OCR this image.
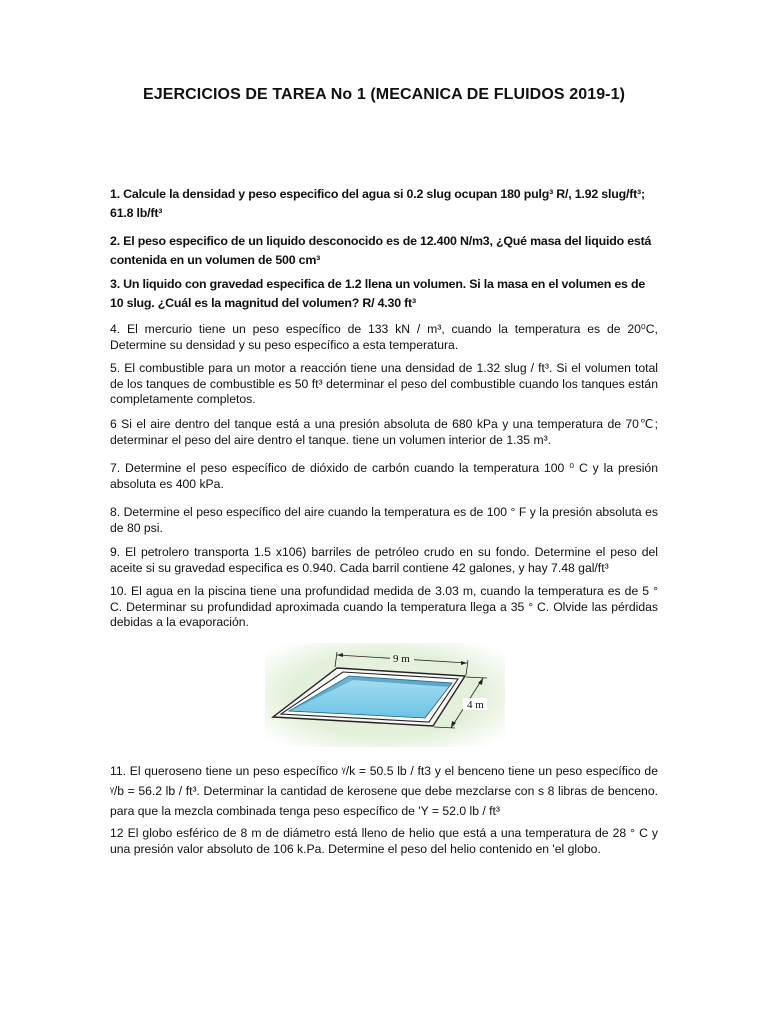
EJERCICIOS DE TAREA No 1 (MECANICA DE FLUIDOS 2019-1)
1. Calcule la densidad y peso especifico del agua si 0.2 slug ocupan 180 pulg³ R/, 1.92 slug/ft³; 61.8 lb/ft³
2. El peso especifico de un liquido desconocido es de 12.400 N/m3, ¿Qué masa del liquido está contenida en un volumen de 500 cm³
3. Un liquido con gravedad especifica de 1.2 llena un volumen. Si la masa en el volumen es de 10 slug. ¿Cuál es la magnitud del volumen? R/ 4.30 ft³
4. El mercurio tiene un peso específico de 133 kN / m³, cuando la temperatura es de 20⁰C, Determine su densidad y su peso específico a esta temperatura.
5. El combustible para un motor a reacción tiene una densidad de 1.32 slug / ft³. Si el volumen total de los tanques de combustible es 50 ft³ determinar el peso del combustible cuando los tanques están completamente completos.
6 Si el aire dentro del tanque está a una presión absoluta de 680 kPa y una temperatura de 70℃; determinar el peso del aire dentro el tanque. tiene un volumen interior de 1.35 m³.
7. Determine el peso específico de dióxido de carbón cuando la temperatura 100 ⁰ C y la presión absoluta es 400 kPa.
8. Determine el peso específico del aire cuando la temperatura es de 100 ° F y la presión absoluta es de 80 psi.
9. El petrolero transporta 1.5 x106) barriles de petróleo crudo en su fondo. Determine el peso del aceite si su gravedad especifica es 0.940. Cada barril contiene 42 galones, y hay 7.48 gal/ft³
10. El agua en la piscina tiene una profundidad medida de 3.03 m, cuando la temperatura es de 5 ° C. Determinar su profundidad aproximada cuando la temperatura llega a 35 ° C. Olvide las pérdidas debidas a la evaporación.
9 m
4 m
11. El queroseno tiene un peso específico ᵞ/k = 50.5 lb / ft3 y el benceno tiene un peso específico de ᵞ/b = 56.2 lb / ft³. Determinar la cantidad de kerosene que debe mezclarse con s 8 libras de benceno. para que la mezcla combinada tenga peso específico de 'Y = 52.0 lb / ft³
12 El globo esférico de 8 m de diámetro está lleno de helio que está a una temperatura de 28 ° C y una presión valor absoluto de 106 k.Pa. Determine el peso del helio contenido en 'el globo.
